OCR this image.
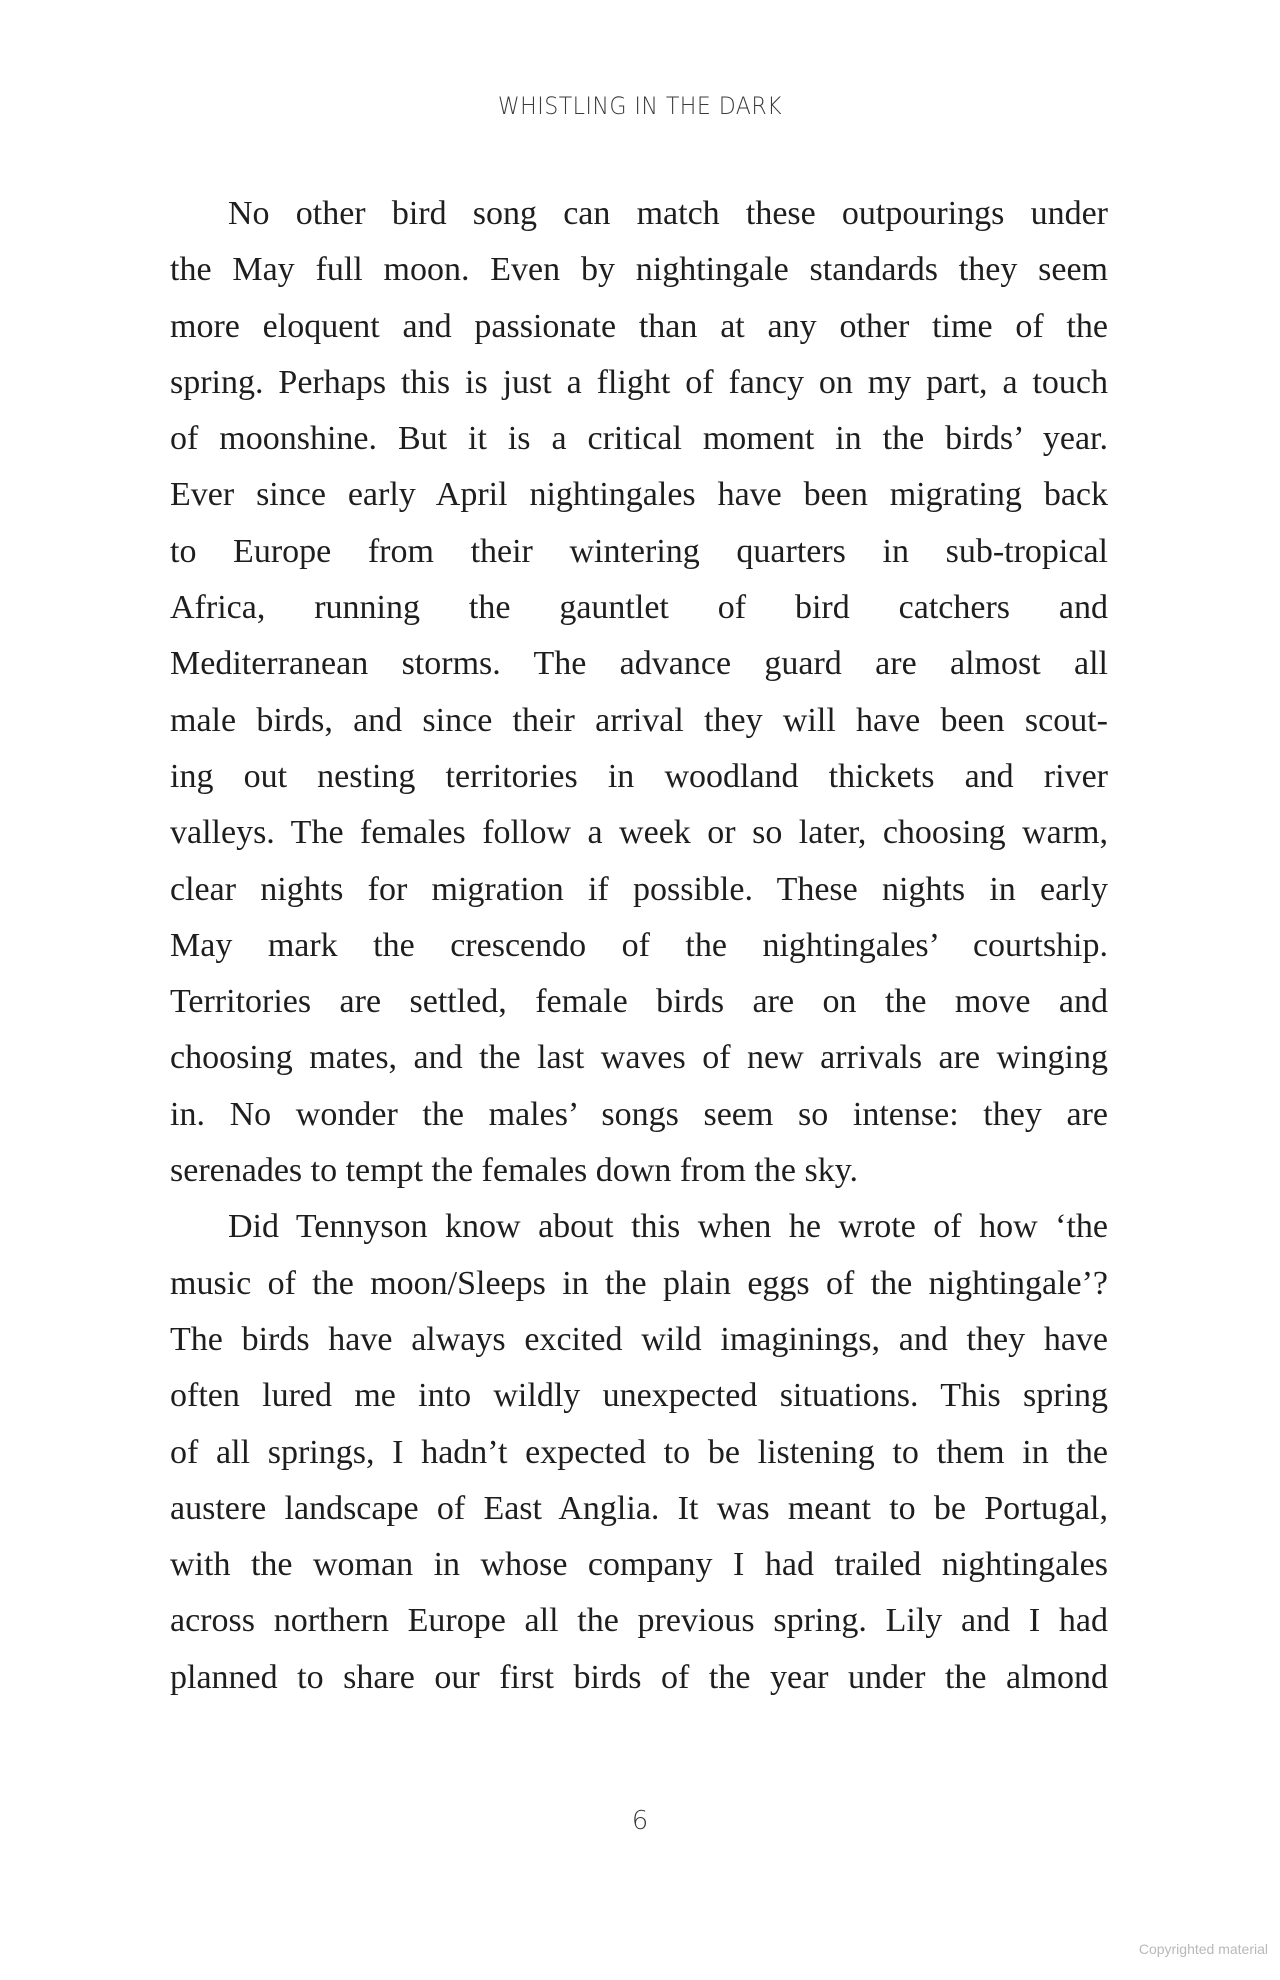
WHISTLING IN THE DARK
No other bird song can match these outpourings under
the May full moon. Even by nightingale standards they seem
more eloquent and passionate than at any other time of the
spring. Perhaps this is just a flight of fancy on my part, a touch
of moonshine. But it is a critical moment in the birds’ year.
Ever since early April nightingales have been migrating back
to Europe from their wintering quarters in sub-tropical
Africa, running the gauntlet of bird catchers and
Mediterranean storms. The advance guard are almost all
male birds, and since their arrival they will have been scout-
ing out nesting territories in woodland thickets and river
valleys. The females follow a week or so later, choosing warm,
clear nights for migration if possible. These nights in early
May mark the crescendo of the nightingales’ courtship.
Territories are settled, female birds are on the move and
choosing mates, and the last waves of new arrivals are winging
in. No wonder the males’ songs seem so intense: they are
serenades to tempt the females down from the sky.
Did Tennyson know about this when he wrote of how ‘the
music of the moon/Sleeps in the plain eggs of the nightingale’?
The birds have always excited wild imaginings, and they have
often lured me into wildly unexpected situations. This spring
of all springs, I hadn’t expected to be listening to them in the
austere landscape of East Anglia. It was meant to be Portugal,
with the woman in whose company I had trailed nightingales
across northern Europe all the previous spring. Lily and I had
planned to share our first birds of the year under the almond
6
Copyrighted material
